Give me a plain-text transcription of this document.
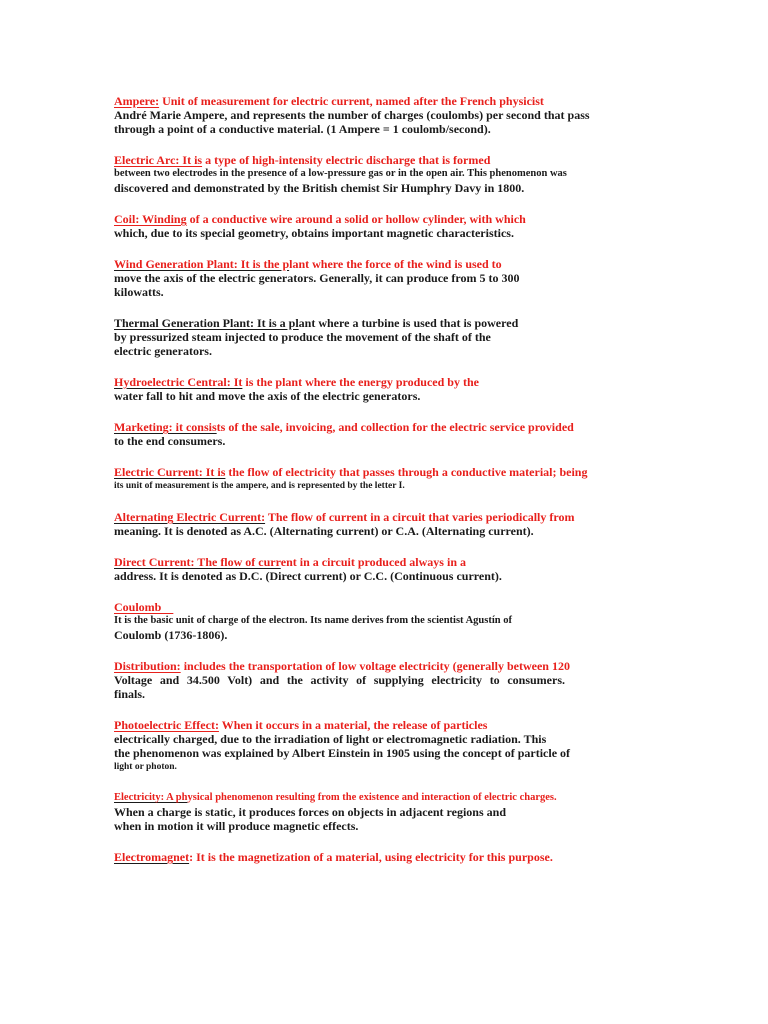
Ampere: Unit of measurement for electric current, named after the French physicist
André Marie Ampere, and represents the number of charges (coulombs) per second that pass
through a point of a conductive material. (1 Ampere = 1 coulomb/second).
Electric Arc: It is a type of high-intensity electric discharge that is formed
between two electrodes in the presence of a low-pressure gas or in the open air. This phenomenon was
discovered and demonstrated by the British chemist Sir Humphry Davy in 1800.
Coil: Winding of a conductive wire around a solid or hollow cylinder, with which
which, due to its special geometry, obtains important magnetic characteristics.
Wind Generation Plant: It is the plant where the force of the wind is used to
move the axis of the electric generators. Generally, it can produce from 5 to 300
kilowatts.
Thermal Generation Plant: It is a plant where a turbine is used that is powered
by pressurized steam injected to produce the movement of the shaft of the
electric generators.
Hydroelectric Central: It is the plant where the energy produced by the
water fall to hit and move the axis of the electric generators.
Marketing: it consists of the sale, invoicing, and collection for the electric service provided
to the end consumers.
Electric Current: It is the flow of electricity that passes through a conductive material; being
its unit of measurement is the ampere, and is represented by the letter I.
Alternating Electric Current: The flow of current in a circuit that varies periodically from
meaning. It is denoted as A.C. (Alternating current) or C.A. (Alternating current).
Direct Current: The flow of current in a circuit produced always in a
address. It is denoted as D.C. (Direct current) or C.C. (Continuous current).
Coulomb
It is the basic unit of charge of the electron. Its name derives from the scientist Agustín of
Coulomb (1736-1806).
Distribution: includes the transportation of low voltage electricity (generally between 120
Voltage and 34.500 Volt) and the activity of supplying electricity to consumers.
finals.
Photoelectric Effect: When it occurs in a material, the release of particles
electrically charged, due to the irradiation of light or electromagnetic radiation. This
the phenomenon was explained by Albert Einstein in 1905 using the concept of particle of
light or photon.
Electricity: A physical phenomenon resulting from the existence and interaction of electric charges.
When a charge is static, it produces forces on objects in adjacent regions and
when in motion it will produce magnetic effects.
Electromagnet: It is the magnetization of a material, using electricity for this purpose.
